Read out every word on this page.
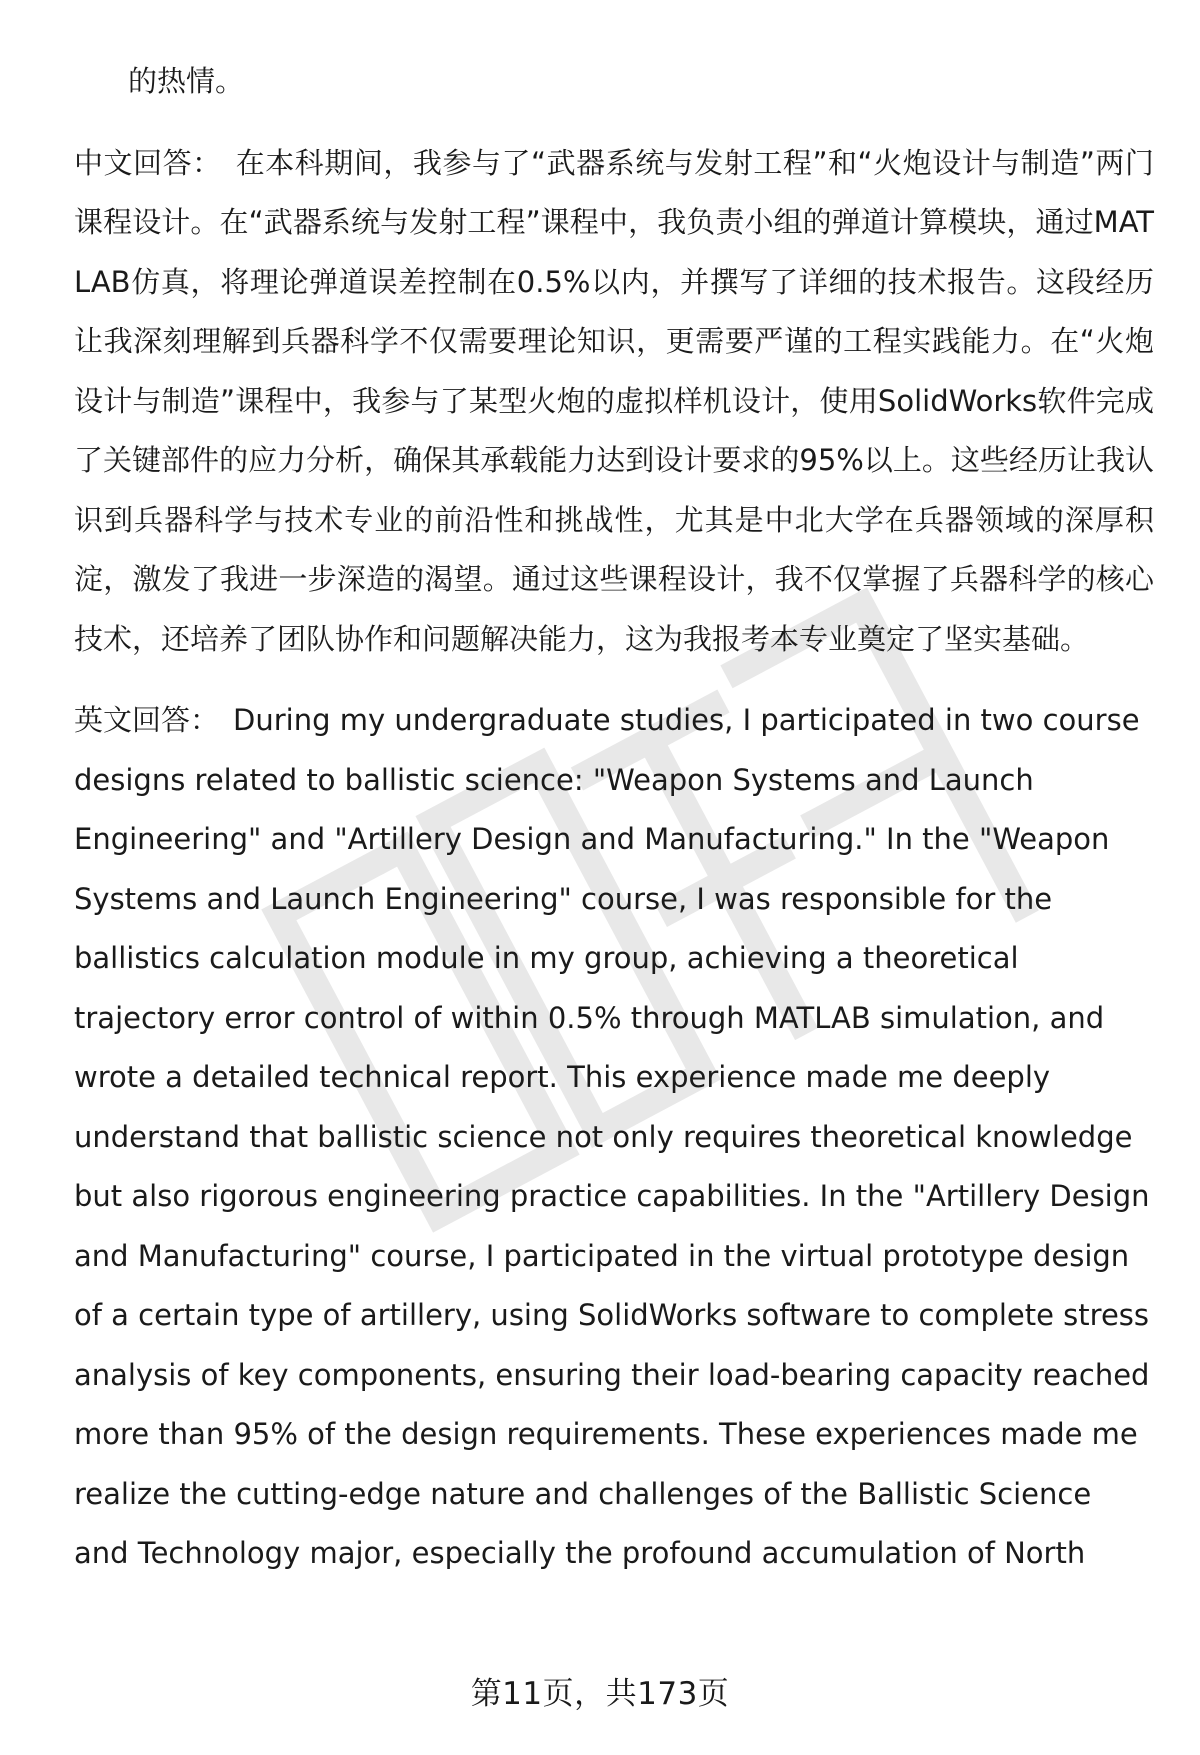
的热情。

中文回答： 在本科期间，我参与了“武器系统与发射工程”和“火炮设计与制造”两门课程设计。在“武器系统与发射工程”课程中，我负责小组的弹道计算模块，通过MATLAB仿真，将理论弹道误差控制在0.5%以内，并撰写了详细的技术报告。这段经历让我深刻理解到兵器科学不仅需要理论知识，更需要严谨的工程实践能力。在“火炮设计与制造”课程中，我参与了某型火炮的虚拟样机设计，使用SolidWorks软件完成了关键部件的应力分析，确保其承载能力达到设计要求的95%以上。这些经历让我认识到兵器科学与技术专业的前沿性和挑战性，尤其是中北大学在兵器领域的深厚积淀，激发了我进一步深造的渴望。通过这些课程设计，我不仅掌握了兵器科学的核心技术，还培养了团队协作和问题解决能力，这为我报考本专业奠定了坚实基础。

英文回答： During my undergraduate studies, I participated in two course designs related to ballistic science: "Weapon Systems and Launch Engineering" and "Artillery Design and Manufacturing." In the "Weapon Systems and Launch Engineering" course, I was responsible for the ballistics calculation module in my group, achieving a theoretical trajectory error control of within 0.5% through MATLAB simulation, and wrote a detailed technical report. This experience made me deeply understand that ballistic science not only requires theoretical knowledge but also rigorous engineering practice capabilities. In the "Artillery Design and Manufacturing" course, I participated in the virtual prototype design of a certain type of artillery, using SolidWorks software to complete stress analysis of key components, ensuring their load-bearing capacity reached more than 95% of the design requirements. These experiences made me realize the cutting-edge nature and challenges of the Ballistic Science and Technology major, especially the profound accumulation of North

第11页，共173页
